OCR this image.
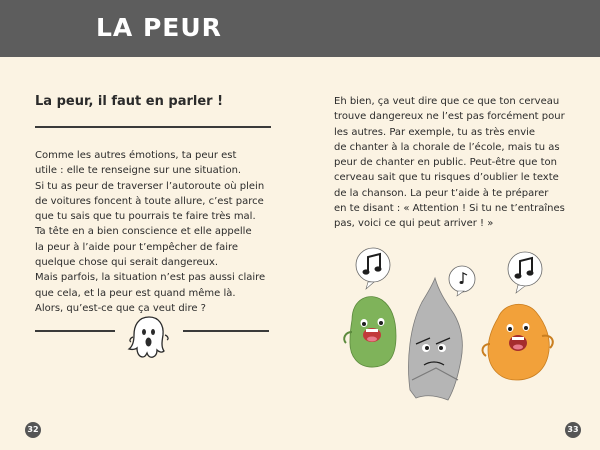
LA PEUR
La peur, il faut en parler !

Comme les autres émotions, ta peur est

utile : elle te renseigne sur une situation.

Si tu as peur de traverser l’autoroute où plein

de voitures foncent à toute allure, c’est parce

que tu sais que tu pourrais te faire très mal.

Ta tête en a bien conscience et elle appelle

la peur à l’aide pour t’empêcher de faire

quelque chose qui serait dangereux.

Mais parfois, la situation n’est pas aussi claire

que cela, et la peur est quand même là.

Alors, qu’est-ce que ça veut dire ?

Eh bien, ça veut dire que ce que ton cerveau

trouve dangereux ne l’est pas forcément pour

les autres. Par exemple, tu as très envie

de chanter à la chorale de l’école, mais tu as

peur de chanter en public. Peut-être que ton

cerveau sait que tu risques d’oublier le texte

de la chanson. La peur t’aide à te préparer

en te disant : « Attention ! Si tu ne t’entraînes

pas, voici ce qui peut arriver ! »

32	33
